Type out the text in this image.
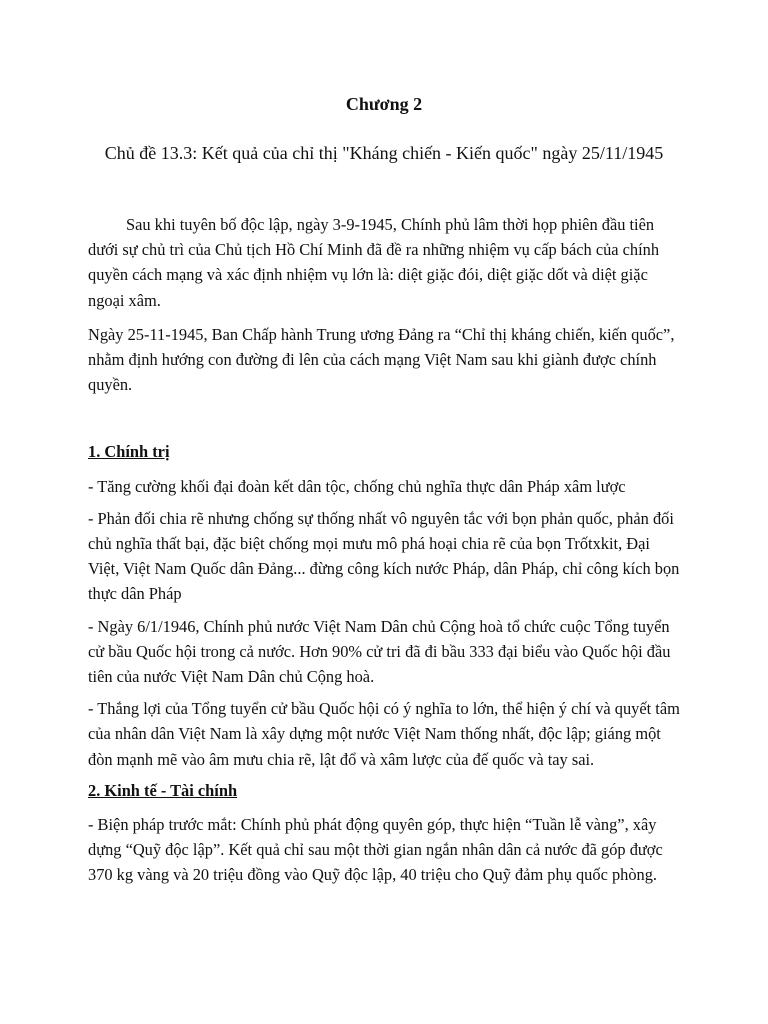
Chương 2
Chủ đề 13.3: Kết quả của chỉ thị "Kháng chiến - Kiến quốc" ngày 25/11/1945

Sau khi tuyên bố độc lập, ngày 3-9-1945, Chính phủ lâm thời họp phiên đầu tiên dưới sự chủ trì của Chủ tịch Hồ Chí Minh đã đề ra những nhiệm vụ cấp bách của chính quyền cách mạng và xác định nhiệm vụ lớn là: diệt giặc đói, diệt giặc dốt và diệt giặc ngoại xâm.

Ngày 25-11-1945, Ban Chấp hành Trung ương Đảng ra “Chỉ thị kháng chiến, kiến quốc”, nhằm định hướng con đường đi lên của cách mạng Việt Nam sau khi giành được chính quyền.

1. Chính trị

- Tăng cường khối đại đoàn kết dân tộc, chống chủ nghĩa thực dân Pháp xâm lược

- Phản đối chia rẽ nhưng chống sự thống nhất vô nguyên tắc với bọn phản quốc, phản đối chủ nghĩa thất bại, đặc biệt chống mọi mưu mô phá hoại chia rẽ của bọn Trốtxkit, Đại Việt, Việt Nam Quốc dân Đảng... đừng công kích nước Pháp, dân Pháp, chỉ công kích bọn thực dân Pháp

- Ngày 6/1/1946, Chính phủ nước Việt Nam Dân chủ Cộng hoà tổ chức cuộc Tổng tuyển cử bầu Quốc hội trong cả nước. Hơn 90% cử tri đã đi bầu 333 đại biểu vào Quốc hội đầu tiên của nước Việt Nam Dân chủ Cộng hoà.

- Thắng lợi của Tổng tuyển cử bầu Quốc hội có ý nghĩa to lớn, thể hiện ý chí và quyết tâm của nhân dân Việt Nam là xây dựng một nước Việt Nam thống nhất, độc lập; giáng một đòn mạnh mẽ vào âm mưu chia rẽ, lật đổ và xâm lược của đế quốc và tay sai.

2. Kinh tế - Tài chính

- Biện pháp trước mắt: Chính phủ phát động quyên góp, thực hiện “Tuần lễ vàng”, xây dựng “Quỹ độc lập”. Kết quả chỉ sau một thời gian ngắn nhân dân cả nước đã góp được 370 kg vàng và 20 triệu đồng vào Quỹ độc lập, 40 triệu cho Quỹ đảm phụ quốc phòng.
